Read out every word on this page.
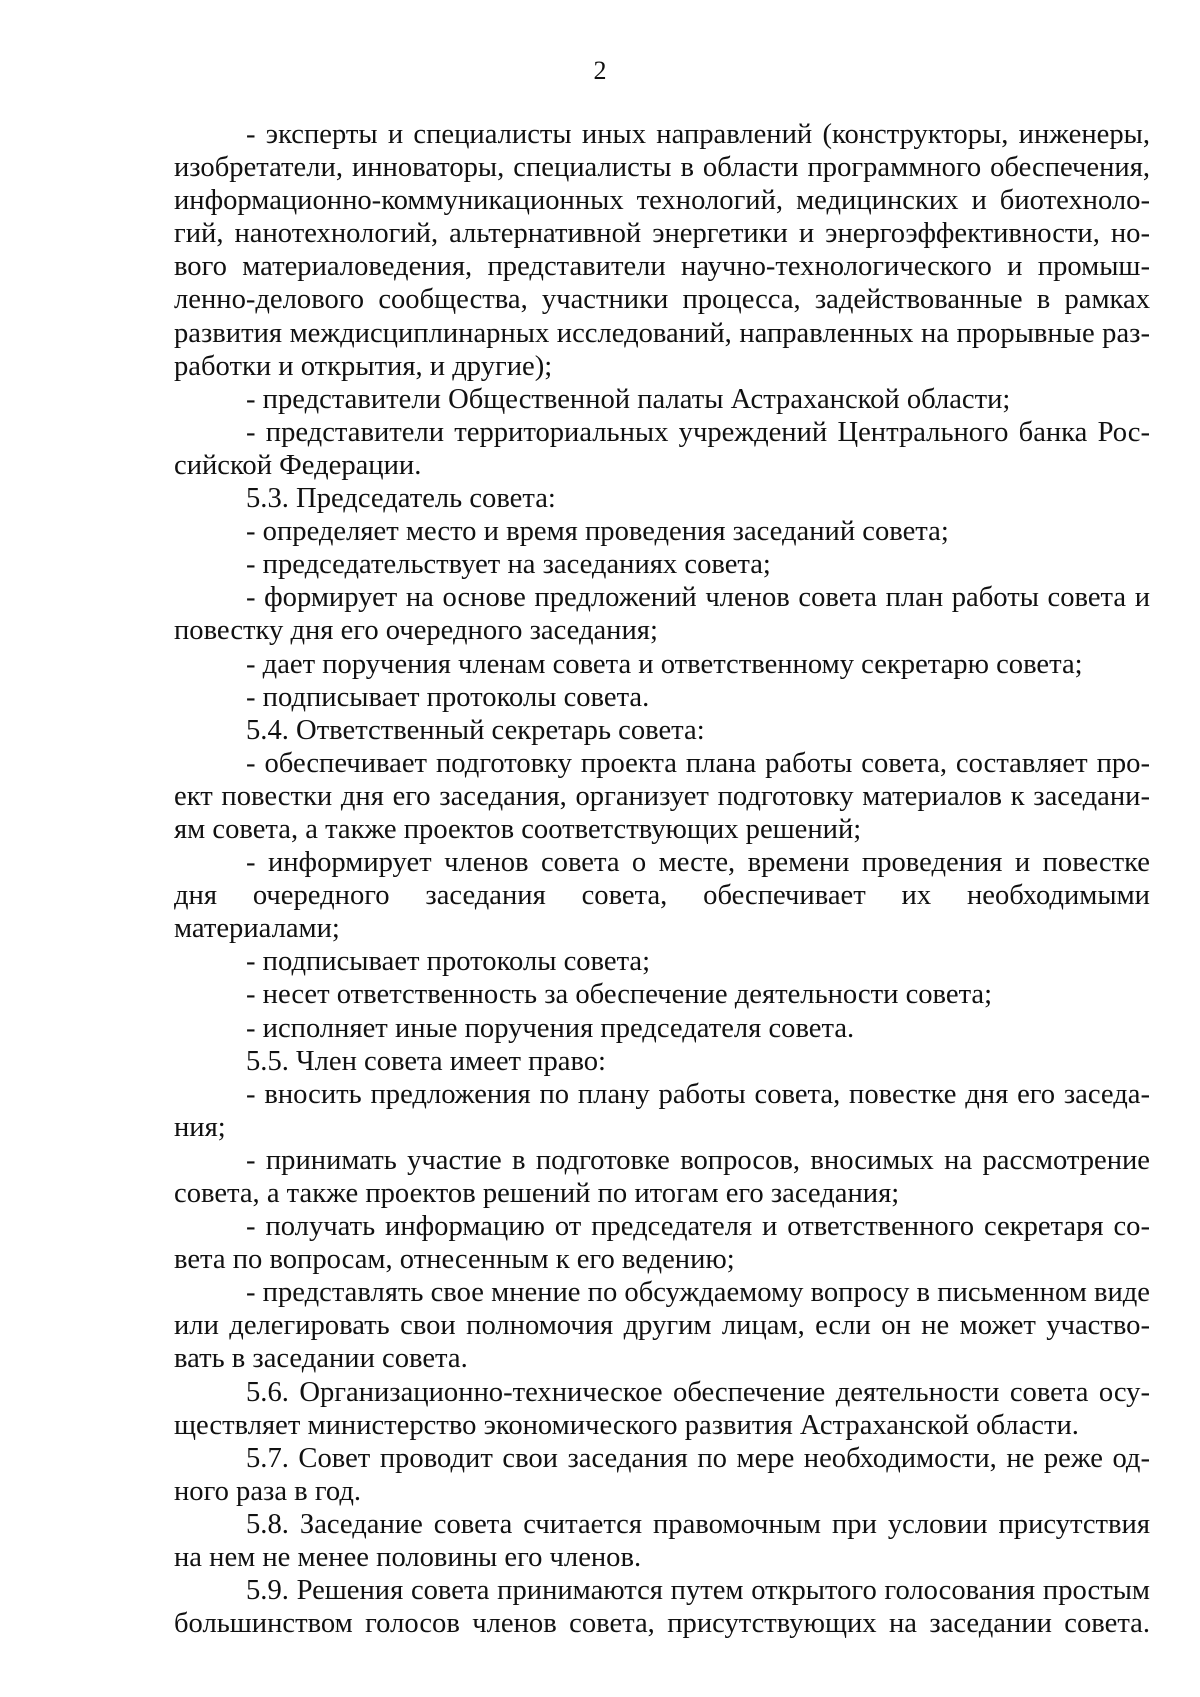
2

- эксперты и специалисты иных направлений (конструкторы, инженеры, изобретатели, инноваторы, специалисты в области программного обеспечения, информационно-коммуникационных технологий, медицинских и биотехнологий, нанотехнологий, альтернативной энергетики и энергоэффективности, нового материаловедения, представители научно-технологического и промышленно-делового сообщества, участники процесса, задействованные в рамках развития междисциплинарных исследований, направленных на прорывные разработки и открытия, и другие);

- представители Общественной палаты Астраханской области;

- представители территориальных учреждений Центрального банка Российской Федерации.

5.3. Председатель совета:

- определяет место и время проведения заседаний совета;

- председательствует на заседаниях совета;

- формирует на основе предложений членов совета план работы совета и повестку дня его очередного заседания;

- дает поручения членам совета и ответственному секретарю совета;

- подписывает протоколы совета.

5.4. Ответственный секретарь совета:

- обеспечивает подготовку проекта плана работы совета, составляет проект повестки дня его заседания, организует подготовку материалов к заседаниям совета, а также проектов соответствующих решений;

- информирует членов совета о месте, времени проведения и повестке дня очередного заседания совета, обеспечивает их необходимыми материалами;

- подписывает протоколы совета;

- несет ответственность за обеспечение деятельности совета;

- исполняет иные поручения председателя совета.

5.5. Член совета имеет право:

- вносить предложения по плану работы совета, повестке дня его заседания;

- принимать участие в подготовке вопросов, вносимых на рассмотрение совета, а также проектов решений по итогам его заседания;

- получать информацию от председателя и ответственного секретаря совета по вопросам, отнесенным к его ведению;

- представлять свое мнение по обсуждаемому вопросу в письменном виде или делегировать свои полномочия другим лицам, если он не может участвовать в заседании совета.

5.6. Организационно-техническое обеспечение деятельности совета осуществляет министерство экономического развития Астраханской области.

5.7. Совет проводит свои заседания по мере необходимости, не реже одного раза в год.

5.8. Заседание совета считается правомочным при условии присутствия на нем не менее половины его членов.

5.9. Решения совета принимаются путем открытого голосования простым большинством голосов членов совета, присутствующих на заседании совета.
